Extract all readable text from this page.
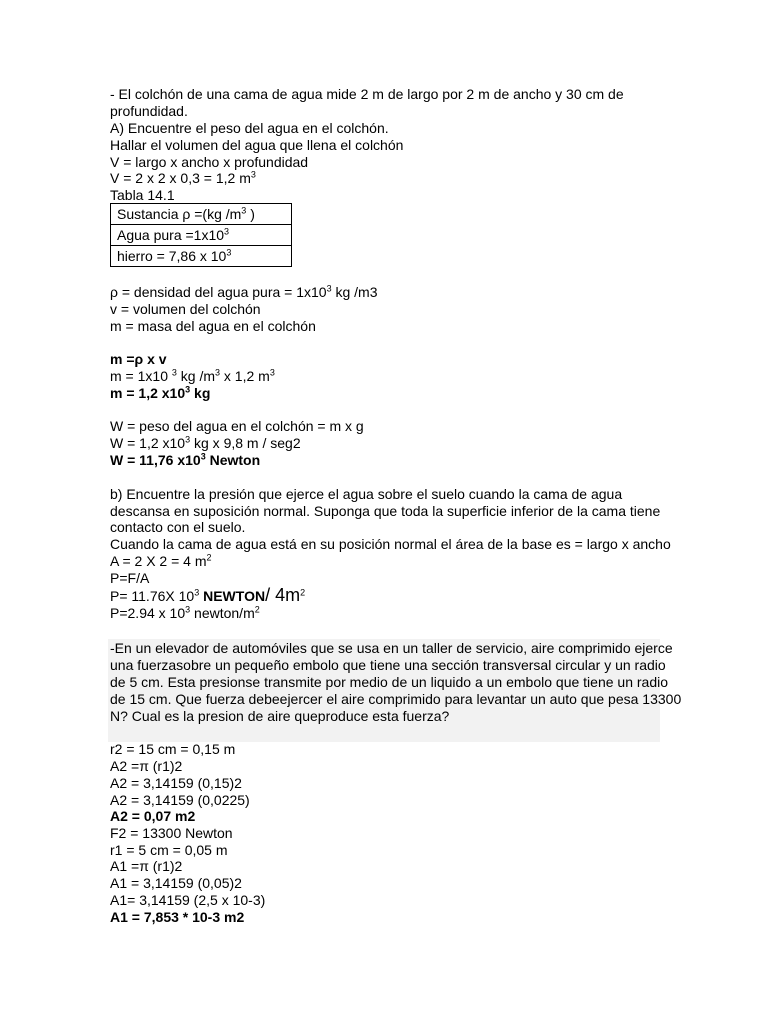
- El colchón de una cama de agua mide 2 m de largo por 2 m de ancho y 30 cm de
profundidad.
A) Encuentre el peso del agua en el colchón.
Hallar el volumen del agua que llena el colchón
V = largo x ancho x profundidad
V = 2 x 2 x 0,3 = 1,2 $m^3$
Tabla 14.1
Sustancia ρ =(kg $/m^3$ )
Agua pura $=1x10^3$
hierro = 7,86 x $10^3$
ρ = densidad del agua pura = $1x10^3$ kg /m3
v = volumen del colchón
m = masa del agua en el colchón
m =ρ x v
m = 1x10 $^3$ kg $/m^3$ x 1,2 $m^3$
m = 1,2 $x10^3$ kg
W = peso del agua en el colchón = m x g
W = 1,2 $x10^3$ kg x 9,8 m / seg2
W = 11,76 $x10^3$ Newton
b) Encuentre la presión que ejerce el agua sobre el suelo cuando la cama de agua
descansa en suposición normal. Suponga que toda la superficie inferior de la cama tiene
contacto con el suelo.
Cuando la cama de agua está en su posición normal el área de la base es = largo x ancho
A = 2 X 2 = 4 $m^2$
P=F/A
P= 11.76X $10^3$ NEWTON/ $4m^2$
P=2.94 x $10^3$ newton/$m^2$
-En un elevador de automóviles que se usa en un taller de servicio, aire comprimido ejerce
una fuerzasobre un pequeño embolo que tiene una sección transversal circular y un radio
de 5 cm. Esta presionse transmite por medio de un liquido a un embolo que tiene un radio
de 15 cm. Que fuerza debeejercer el aire comprimido para levantar un auto que pesa 13300
N? Cual es la presion de aire queproduce esta fuerza?
r2 = 15 cm = 0,15 m
A2 =π (r1)2
A2 = 3,14159 (0,15)2
A2 = 3,14159 (0,0225)
A2 = 0,07 m2
F2 = 13300 Newton
r1 = 5 cm = 0,05 m
A1 =π (r1)2
A1 = 3,14159 (0,05)2
A1= 3,14159 (2,5 x 10-3)
A1 = 7,853 * 10-3 m2
